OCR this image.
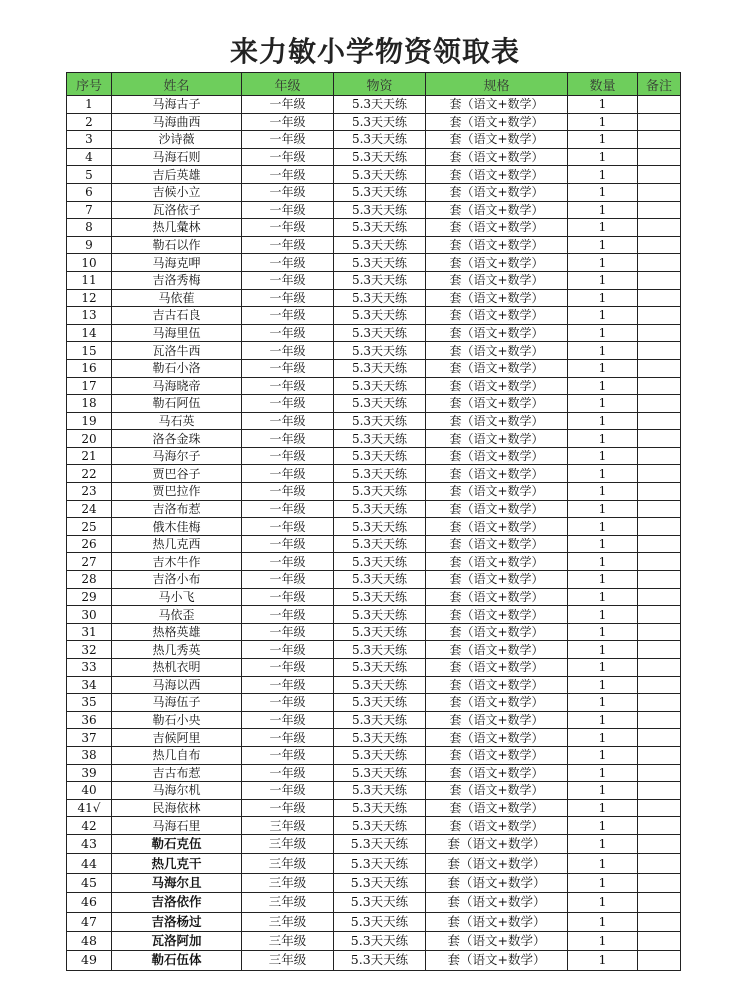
来力敏小学物资领取表
序号	姓名	年级	物资	规格	数量	备注
1	马海古子	一年级	5.3天天练	套（语文+数学）	1	
2	马海曲西	一年级	5.3天天练	套（语文+数学）	1	
3	沙诗薇	一年级	5.3天天练	套（语文+数学）	1	
4	马海石则	一年级	5.3天天练	套（语文+数学）	1	
5	吉后英雄	一年级	5.3天天练	套（语文+数学）	1	
6	吉候小立	一年级	5.3天天练	套（语文+数学）	1	
7	瓦洛依子	一年级	5.3天天练	套（语文+数学）	1	
8	热几彙林	一年级	5.3天天练	套（语文+数学）	1	
9	勒石以作	一年级	5.3天天练	套（语文+数学）	1	
10	马海克呷	一年级	5.3天天练	套（语文+数学）	1	
11	吉洛秀梅	一年级	5.3天天练	套（语文+数学）	1	
12	马依萑	一年级	5.3天天练	套（语文+数学）	1	
13	吉古石良	一年级	5.3天天练	套（语文+数学）	1	
14	马海里伍	一年级	5.3天天练	套（语文+数学）	1	
15	瓦洛牛西	一年级	5.3天天练	套（语文+数学）	1	
16	勒石小洛	一年级	5.3天天练	套（语文+数学）	1	
17	马海晓帝	一年级	5.3天天练	套（语文+数学）	1	
18	勒石阿伍	一年级	5.3天天练	套（语文+数学）	1	
19	马石英	一年级	5.3天天练	套（语文+数学）	1	
20	洛各金珠	一年级	5.3天天练	套（语文+数学）	1	
21	马海尔子	一年级	5.3天天练	套（语文+数学）	1	
22	贾巴谷子	一年级	5.3天天练	套（语文+数学）	1	
23	贾巴拉作	一年级	5.3天天练	套（语文+数学）	1	
24	吉洛布惹	一年级	5.3天天练	套（语文+数学）	1	
25	俄木佳梅	一年级	5.3天天练	套（语文+数学）	1	
26	热几克西	一年级	5.3天天练	套（语文+数学）	1	
27	吉木牛作	一年级	5.3天天练	套（语文+数学）	1	
28	吉洛小布	一年级	5.3天天练	套（语文+数学）	1	
29	马小飞	一年级	5.3天天练	套（语文+数学）	1	
30	马依歪	一年级	5.3天天练	套（语文+数学）	1	
31	热格英雄	一年级	5.3天天练	套（语文+数学）	1	
32	热几秀英	一年级	5.3天天练	套（语文+数学）	1	
33	热机衣明	一年级	5.3天天练	套（语文+数学）	1	
34	马海以西	一年级	5.3天天练	套（语文+数学）	1	
35	马海伍子	一年级	5.3天天练	套（语文+数学）	1	
36	勒石小央	一年级	5.3天天练	套（语文+数学）	1	
37	吉候阿里	一年级	5.3天天练	套（语文+数学）	1	
38	热几自布	一年级	5.3天天练	套（语文+数学）	1	
39	吉古布惹	一年级	5.3天天练	套（语文+数学）	1	
40	马海尔机	一年级	5.3天天练	套（语文+数学）	1	
41√	民海依林	一年级	5.3天天练	套（语文+数学）	1	
42	马海石里	三年级	5.3天天练	套（语文+数学）	1	
43	勒石克伍	三年级	5.3天天练	套（语文+数学）	1	
44	热几克干	三年级	5.3天天练	套（语文+数学）	1	
45	马海尔且	三年级	5.3天天练	套（语文+数学）	1	
46	吉洛依作	三年级	5.3天天练	套（语文+数学）	1	
47	吉洛杨过	三年级	5.3天天练	套（语文+数学）	1	
48	瓦洛阿加	三年级	5.3天天练	套（语文+数学）	1	
49	勒石伍体	三年级	5.3天天练	套（语文+数学）	1	
